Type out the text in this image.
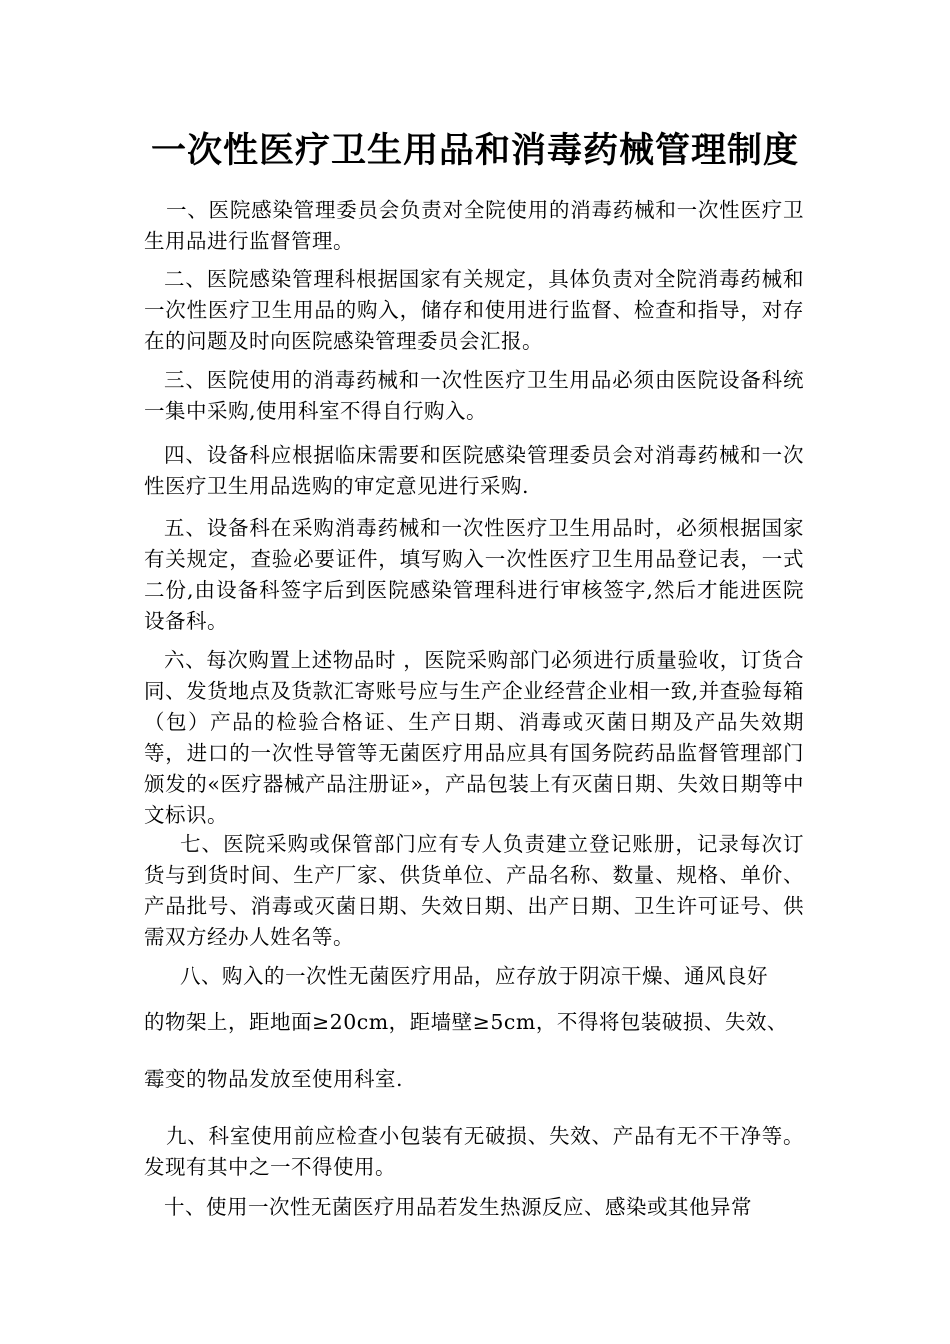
一次性医疗卫生用品和消毒药械管理制度

一、医院感染管理委员会负责对全院使用的消毒药械和一次性医疗卫生用品进行监督管理。

二、医院感染管理科根据国家有关规定，具体负责对全院消毒药械和一次性医疗卫生用品的购入，储存和使用进行监督、检查和指导，对存在的问题及时向医院感染管理委员会汇报。

三、医院使用的消毒药械和一次性医疗卫生用品必须由医院设备科统一集中采购,使用科室不得自行购入。

四、设备科应根据临床需要和医院感染管理委员会对消毒药械和一次性医疗卫生用品选购的审定意见进行采购.

五、设备科在采购消毒药械和一次性医疗卫生用品时，必须根据国家有关规定，查验必要证件，填写购入一次性医疗卫生用品登记表，一式二份,由设备科签字后到医院感染管理科进行审核签字,然后才能进医院设备科。

六、每次购置上述物品时 ，医院采购部门必须进行质量验收，订货合同、发货地点及货款汇寄账号应与生产企业经营企业相一致,并查验每箱（包）产品的检验合格证、生产日期、消毒或灭菌日期及产品失效期等，进口的一次性导管等无菌医疗用品应具有国务院药品监督管理部门颁发的«医疗器械产品注册证»，产品包装上有灭菌日期、失效日期等中文标识。

七、医院采购或保管部门应有专人负责建立登记账册，记录每次订货与到货时间、生产厂家、供货单位、产品名称、数量、规格、单价、产品批号、消毒或灭菌日期、失效日期、出产日期、卫生许可证号、供需双方经办人姓名等。

八、购入的一次性无菌医疗用品，应存放于阴凉干燥、通风良好

的物架上，距地面≥20cm，距墙壁≥5cm，不得将包装破损、失效、

霉变的物品发放至使用科室.

九、科室使用前应检查小包装有无破损、失效、产品有无不干净等。发现有其中之一不得使用。

十、使用一次性无菌医疗用品若发生热源反应、感染或其他异常
